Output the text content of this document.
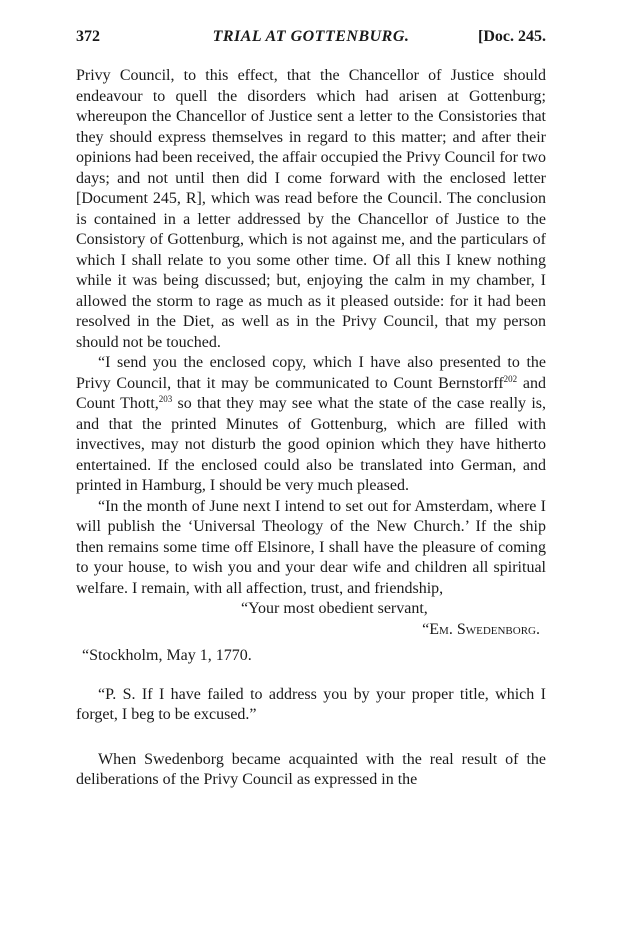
372	TRIAL AT GOTTENBURG.	[Doc. 245.

Privy Council, to this effect, that the Chancellor of Justice should endeavour to quell the disorders which had arisen at Gottenburg; whereupon the Chancellor of Justice sent a letter to the Consistories that they should express themselves in regard to this matter; and after their opinions had been received, the affair occupied the Privy Council for two days; and not until then did I come forward with the enclosed letter [Document 245, R], which was read before the Council. The conclusion is contained in a letter addressed by the Chancellor of Justice to the Consistory of Gottenburg, which is not against me, and the particulars of which I shall relate to you some other time. Of all this I knew nothing while it was being discussed; but, enjoying the calm in my chamber, I allowed the storm to rage as much as it pleased outside: for it had been resolved in the Diet, as well as in the Privy Council, that my person should not be touched.

“I send you the enclosed copy, which I have also presented to the Privy Council, that it may be communicated to Count Bernstorff$^{202}$ and Count Thott,$^{203}$ so that they may see what the state of the case really is, and that the printed Minutes of Gottenburg, which are filled with invectives, may not disturb the good opinion which they have hitherto entertained. If the enclosed could also be translated into German, and printed in Hamburg, I should be very much pleased.

“In the month of June next I intend to set out for Amsterdam, where I will publish the ‘Universal Theology of the New Church.’ If the ship then remains some time off Elsinore, I shall have the pleasure of coming to your house, to wish you and your dear wife and children all spiritual welfare. I remain, with all affection, trust, and friendship,

“Your most obedient servant,

“Em. Swedenborg.

“Stockholm, May 1, 1770.

“P. S. If I have failed to address you by your proper title, which I forget, I beg to be excused.”

When Swedenborg became acquainted with the real result of the deliberations of the Privy Council as expressed in the
